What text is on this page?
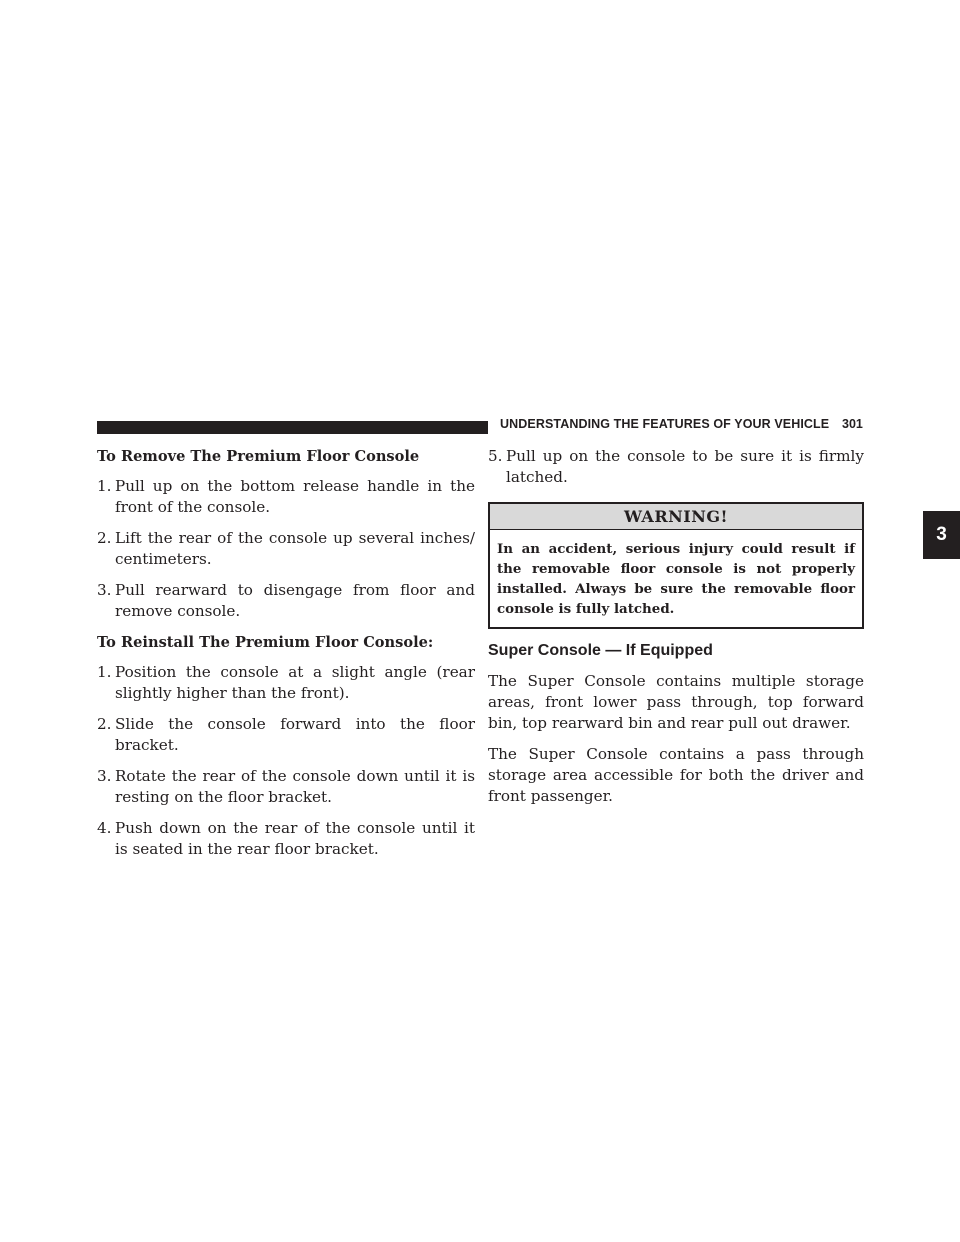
UNDERSTANDING THE FEATURES OF YOUR VEHICLE 301
3

To Remove The Premium Floor Console

1. Pull up on the bottom release handle in the front of the console.

2. Lift the rear of the console up several inches/ centimeters.

3. Pull rearward to disengage from floor and remove console.

To Reinstall The Premium Floor Console:

1. Position the console at a slight angle (rear slightly higher than the front).

2. Slide the console forward into the floor bracket.

3. Rotate the rear of the console down until it is resting on the floor bracket.

4. Push down on the rear of the console until it is seated in the rear floor bracket.

5. Pull up on the console to be sure it is firmly latched.

WARNING!
In an accident, serious injury could result if the removable floor console is not properly installed. Always be sure the removable floor console is fully latched.
Super Console — If Equipped

The Super Console contains multiple storage areas, front lower pass through, top forward bin, top rearward bin and rear pull out drawer.

The Super Console contains a pass through storage area accessible for both the driver and front passenger.
